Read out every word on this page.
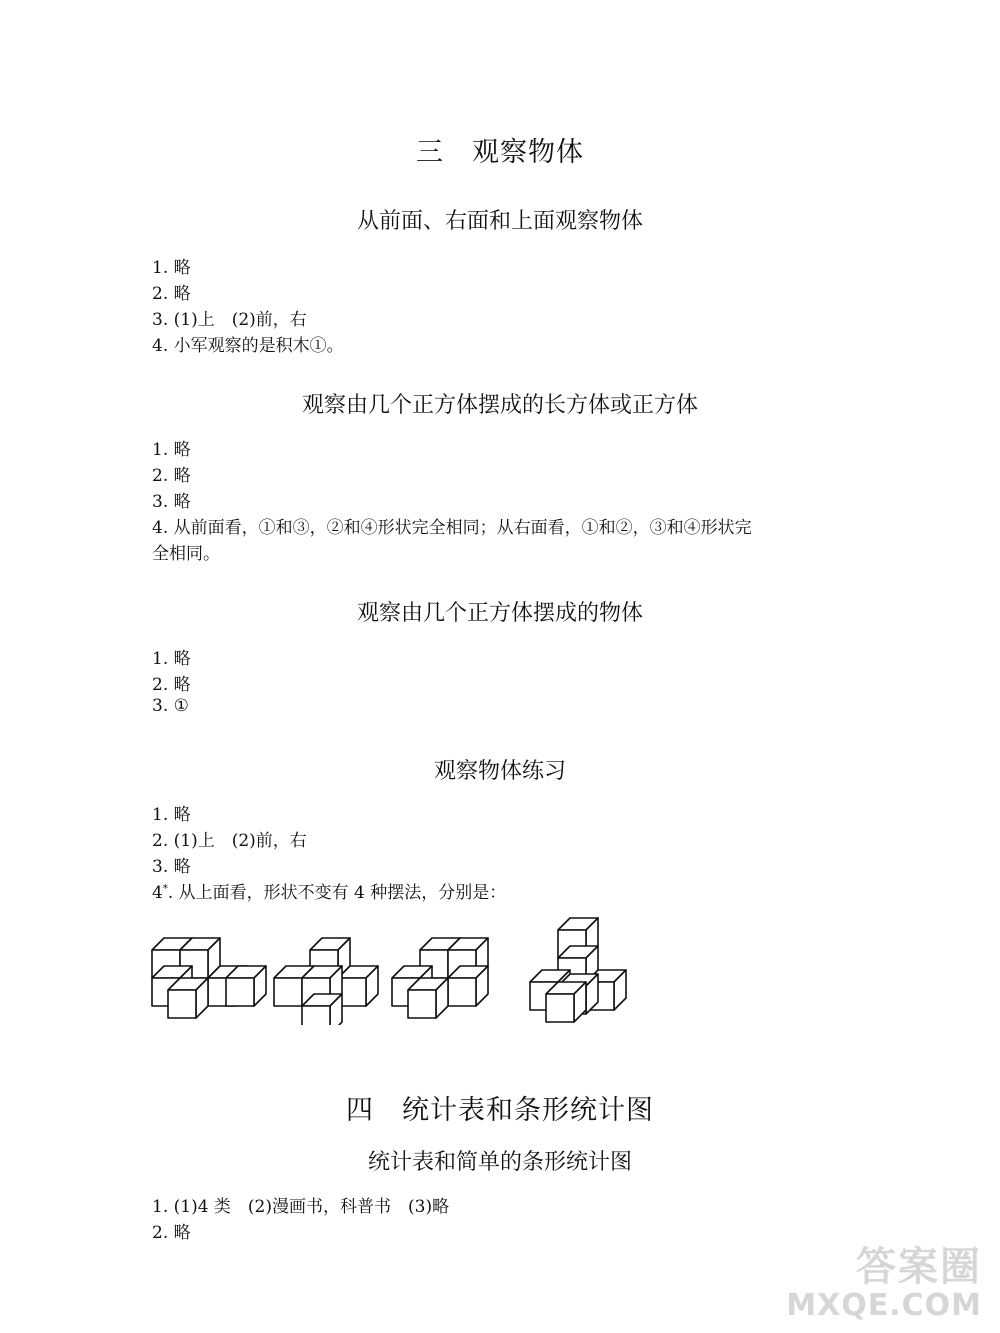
三　观察物体
从前面、右面和上面观察物体
1. 略
2. 略
3. (1)上　(2)前，右
4. 小军观察的是积木①。
观察由几个正方体摆成的长方体或正方体
1. 略
2. 略
3. 略
4. 从前面看，①和③，②和④形状完全相同；从右面看，①和②，③和④形状完
全相同。
观察由几个正方体摆成的物体
1. 略
2. 略
3. ①
观察物体练习
1. 略
2. (1)上　(2)前，右
3. 略
4*. 从上面看，形状不变有 4 种摆法，分别是：
四　统计表和条形统计图
统计表和简单的条形统计图
1. (1)4 类　(2)漫画书，科普书　(3)略
2. 略
答案圈
MXQE.COM
